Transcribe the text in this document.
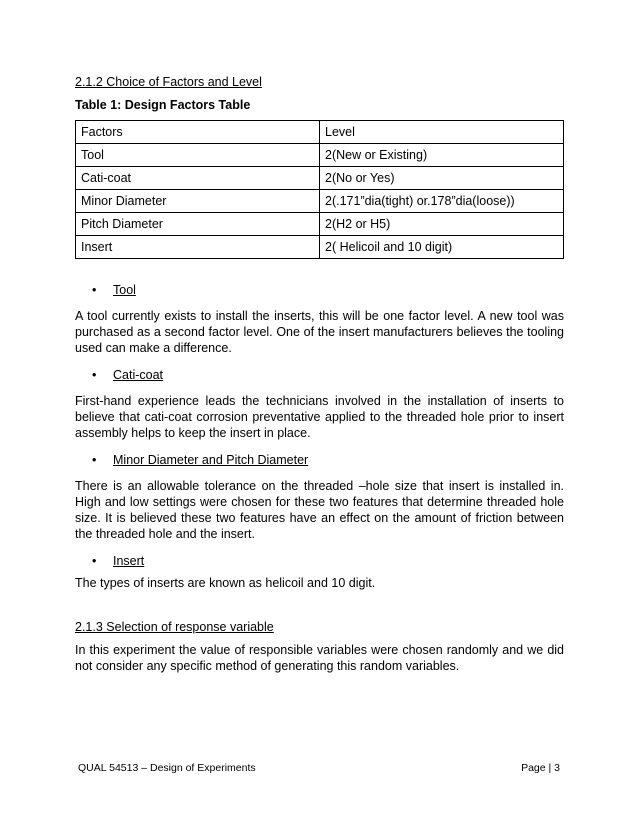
2.1.2 Choice of Factors and Level
Table 1: Design Factors Table
Factors	Level
Tool	2(New or Existing)
Cati-coat	2(No or Yes)
Minor Diameter	2(.171”dia(tight) or.178”dia(loose))
Pitch Diameter	2(H2 or H5)
Insert	2( Helicoil and 10 digit)
• Tool

A tool currently exists to install the inserts, this will be one factor level. A new tool was purchased as a second factor level. One of the insert manufacturers believes the tooling used can make a difference.

• Cati-coat

First-hand experience leads the technicians involved in the installation of inserts to believe that cati-coat corrosion preventative applied to the threaded hole prior to insert assembly helps to keep the insert in place.

• Minor Diameter and Pitch Diameter

There is an allowable tolerance on the threaded –hole size that insert is installed in. High and low settings were chosen for these two features that determine threaded hole size. It is believed these two features have an effect on the amount of friction between the threaded hole and the insert.

• Insert

The types of inserts are known as helicoil and 10 digit.

2.1.3 Selection of response variable

In this experiment the value of responsible variables were chosen randomly and we did not consider any specific method of generating this random variables.

QUAL 54513 – Design of Experiments	Page | 3
